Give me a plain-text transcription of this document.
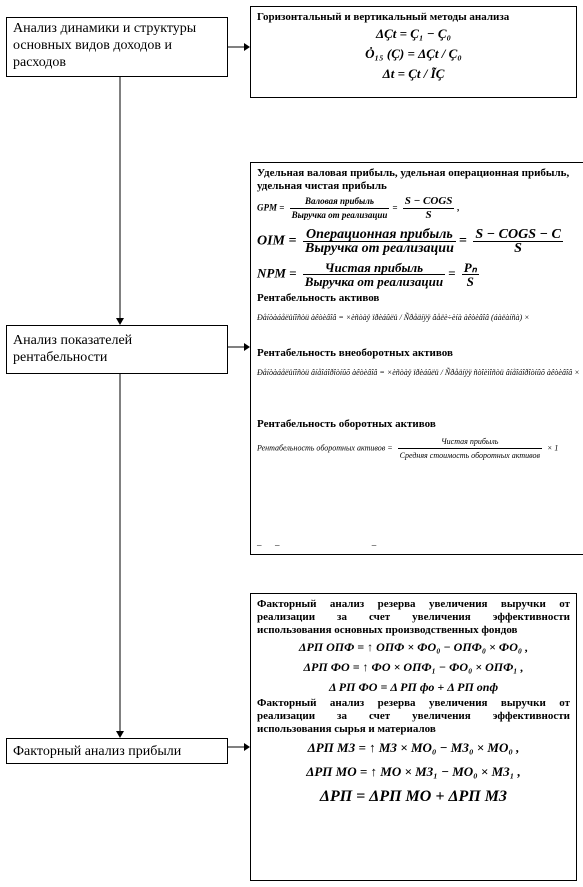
Анализ динамики и структуры основных видов доходов и расходов
Анализ показателей рентабельности
Факторный анализ прибыли
Горизонтальный и вертикальный методы анализа
ΔҪt = Ҫ₁ − Ҫ₀
Ȯ₁₅ (Ҫ) = ΔҪt / Ҫ₀
Δt = Ҫt / ĨҪ
Удельная валовая прибыль, удельная операционная прибыль, удельная чистая прибыль
GPM = $\frac{\text{Валовая прибыль}}{\text{Выручка от реализации}} = \frac{\text{S − COGS}}{S}$ ,
OIM = $\frac{\text{Операционная прибыль}}{\text{Выручка от реализации}} = \frac{\text{S − COGS − C}}{S}$
NPM = $\frac{\text{Чистая прибыль}}{\text{Выручка от реализации}} = \frac{\text{Pₙ}}{S}$
Рентабельность активов
Ðåíòàáåëüíîñòü àêòèâîâ = ×èñòàÿ ïðèáûëü / Ñðåäíÿÿ âåëè÷èíà àêòèâîâ (áàëàíñà) ×
Рентабельность внеоборотных активов
Ðåíòàáåëüíîñòü âíåîáîðîòíûõ àêòèâîâ = ×èñòàÿ ïðèáûëü / Ñðåäíÿÿ ñòîèìîñòü âíåîáîðîòíûõ àêòèâîâ ×
Рентабельность оборотных активов
Рентабельность оборотных активов = $\frac{\text{Чистая прибыль}}{\text{Средняя стоимость оборотных активов}} \times 1$
–      –                                         –
Факторный анализ резерва увеличения выручки от реализации за счет увеличения эффективности использования основных производственных фондов
ΔРП ОПФ = ↑ ОПФ × ФО₀ − ОПФ₀ × ФО₀ ,
ΔРП ФО = ↑ ФО × ОПФ₁ − ФО₀ × ОПФ₁ ,
Δ РП ФО = Δ РП фо + Δ РП опф
Факторный анализ резерва увеличения выручки от реализации за счет увеличения эффективности использования сырья и материалов
ΔРП МЗ = ↑ МЗ × МО₀ − МЗ₀ × МО₀ ,
ΔРП МО = ↑ МО × МЗ₁ − МО₀ × МЗ₁ ,
ΔРП = ΔРП МО + ΔРП МЗ
